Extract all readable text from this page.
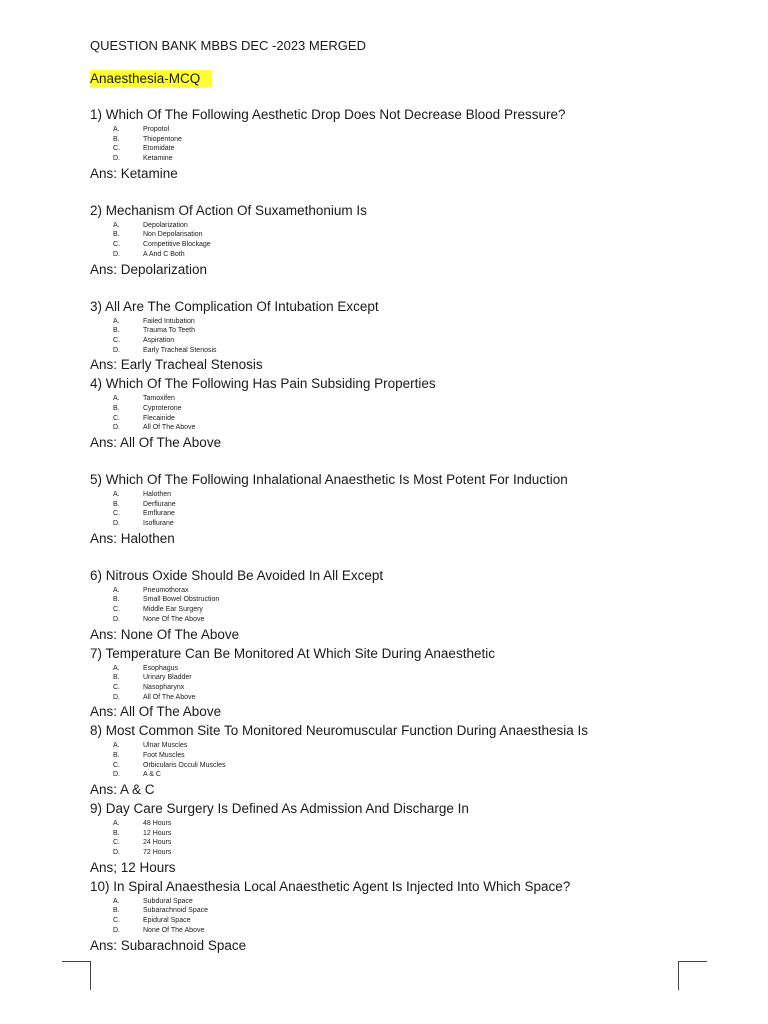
QUESTION BANK MBBS DEC -2023 MERGED
Anaesthesia-MCQ
1) Which Of The Following Aesthetic Drop Does Not Decrease Blood Pressure?
A.	Propotol
B.	Thiopentone
C.	Etomidate
D.	Ketamine
Ans: Ketamine
2) Mechanism Of Action Of Suxamethonium Is
A.	Depolarization
B.	Non Depolarisation
C.	Competitive Blockage
D.	A And C Both
Ans: Depolarization
3) All Are The Complication Of Intubation Except
A.	Failed Intubation
B.	Trauma To Teeth
C.	Aspiration
D.	Early Tracheal Stenosis
Ans: Early Tracheal Stenosis
4) Which Of The Following Has Pain Subsiding Properties
A.	Tamoxifen
B.	Cyproterone
C.	Flecainide
D.	All Of The Above
Ans: All Of The Above
5) Which Of The Following Inhalational Anaesthetic Is Most Potent For Induction
A.	Halothen
B.	Derflurane
C.	Emflurane
D.	Isoflurane
Ans: Halothen
6) Nitrous Oxide Should Be Avoided In All Except
A.	Pneumothorax
B.	Small Bowel Obstruction
C.	Middle Ear Surgery
D.	None Of The Above
Ans: None Of The Above
7) Temperature Can Be Monitored At Which Site During Anaesthetic
A.	Esophagus
B.	Urinary Bladder
C.	Nasopharynx
D.	All Of The Above
Ans: All Of The Above
8) Most Common Site To Monitored Neuromuscular Function During Anaesthesia Is
A.	Ulnar Muscles
B.	Foot Muscles
C.	Orbicularis Occuli Muscles
D.	A & C
Ans: A & C
9) Day Care Surgery Is Defined As Admission And Discharge In
A.	48 Hours
B.	12 Hours
C.	24 Hours
D.	72 Hours
Ans; 12 Hours
10) In Spiral Anaesthesia Local Anaesthetic Agent Is Injected Into Which Space?
A.	Subdural Space
B.	Subarachnoid Space
C.	Epidural Space
D.	None Of The Above
Ans: Subarachnoid Space
